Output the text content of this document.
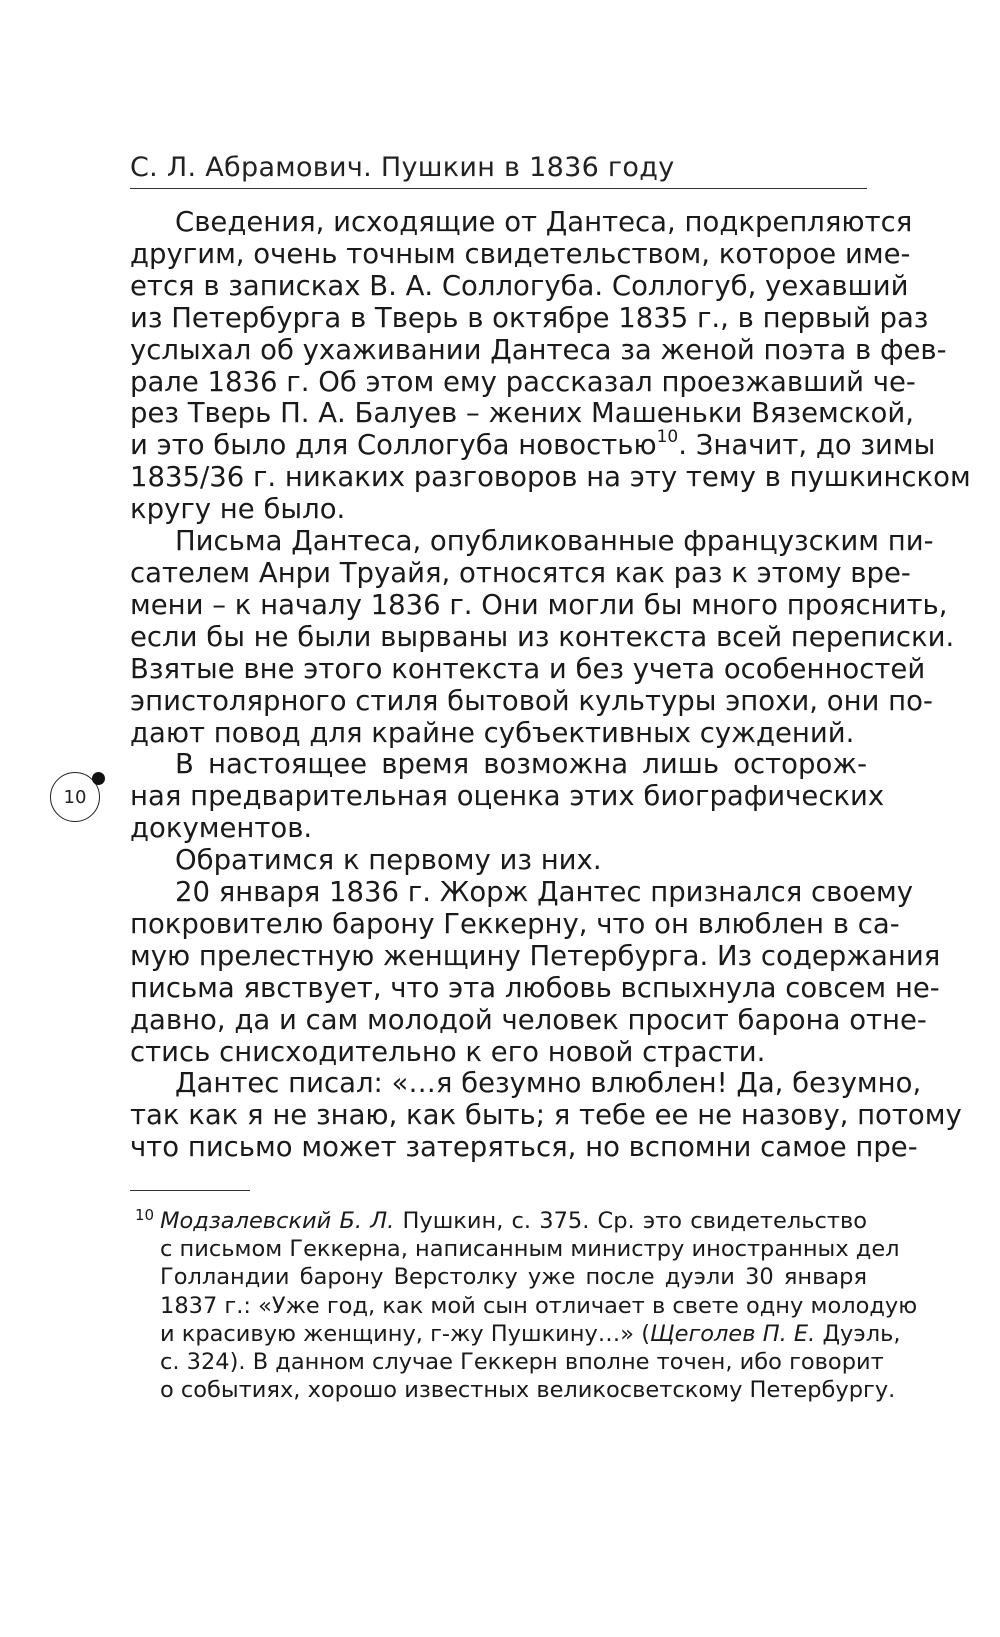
С. Л. Абрамович. Пушкин в 1836 году
Сведения, исходящие от Дантеса, подкрепляются
другим, очень точным свидетельством, которое име-
ется в записках В. А. Соллогуба. Соллогуб, уехавший
из Петербурга в Тверь в октябре 1835 г., в первый раз
услыхал об ухаживании Дантеса за женой поэта в фев-
рале 1836 г. Об этом ему рассказал проезжавший че-
рез Тверь П. А. Балуев – жених Машеньки Вяземской,
и это было для Соллогуба новостью$^{10}$. Значит, до зимы
1835/36 г. никаких разговоров на эту тему в пушкинском
кругу не было.
Письма Дантеса, опубликованные французским пи-
сателем Анри Труайя, относятся как раз к этому вре-
мени – к началу 1836 г. Они могли бы много прояснить,
если бы не были вырваны из контекста всей переписки.
Взятые вне этого контекста и без учета особенностей
эпистолярного стиля бытовой культуры эпохи, они по-
дают повод для крайне субъективных суждений.
В настоящее время возможна лишь осторож-
ная предварительная оценка этих биографических
документов.
Обратимся к первому из них.
20 января 1836 г. Жорж Дантес признался своему
покровителю барону Геккерну, что он влюблен в са-
мую прелестную женщину Петербурга. Из содержания
письма явствует, что эта любовь вспыхнула совсем не-
давно, да и сам молодой человек просит барона отне-
стись снисходительно к его новой страсти.
Дантес писал: «…я безумно влюблен! Да, безумно,
так как я не знаю, как быть; я тебе ее не назову, потому
что письмо может затеряться, но вспомни самое пре-
10
$^{10}$ Модзалевский Б. Л. Пушкин, с. 375. Ср. это свидетельство
с письмом Геккерна, написанным министру иностранных дел
Голландии барону Верстолку уже после дуэли 30 января
1837 г.: «Уже год, как мой сын отличает в свете одну молодую
и красивую женщину, г-жу Пушкину…» (Щеголев П. Е. Дуэль,
с. 324). В данном случае Геккерн вполне точен, ибо говорит
о событиях, хорошо известных великосветскому Петербургу.
